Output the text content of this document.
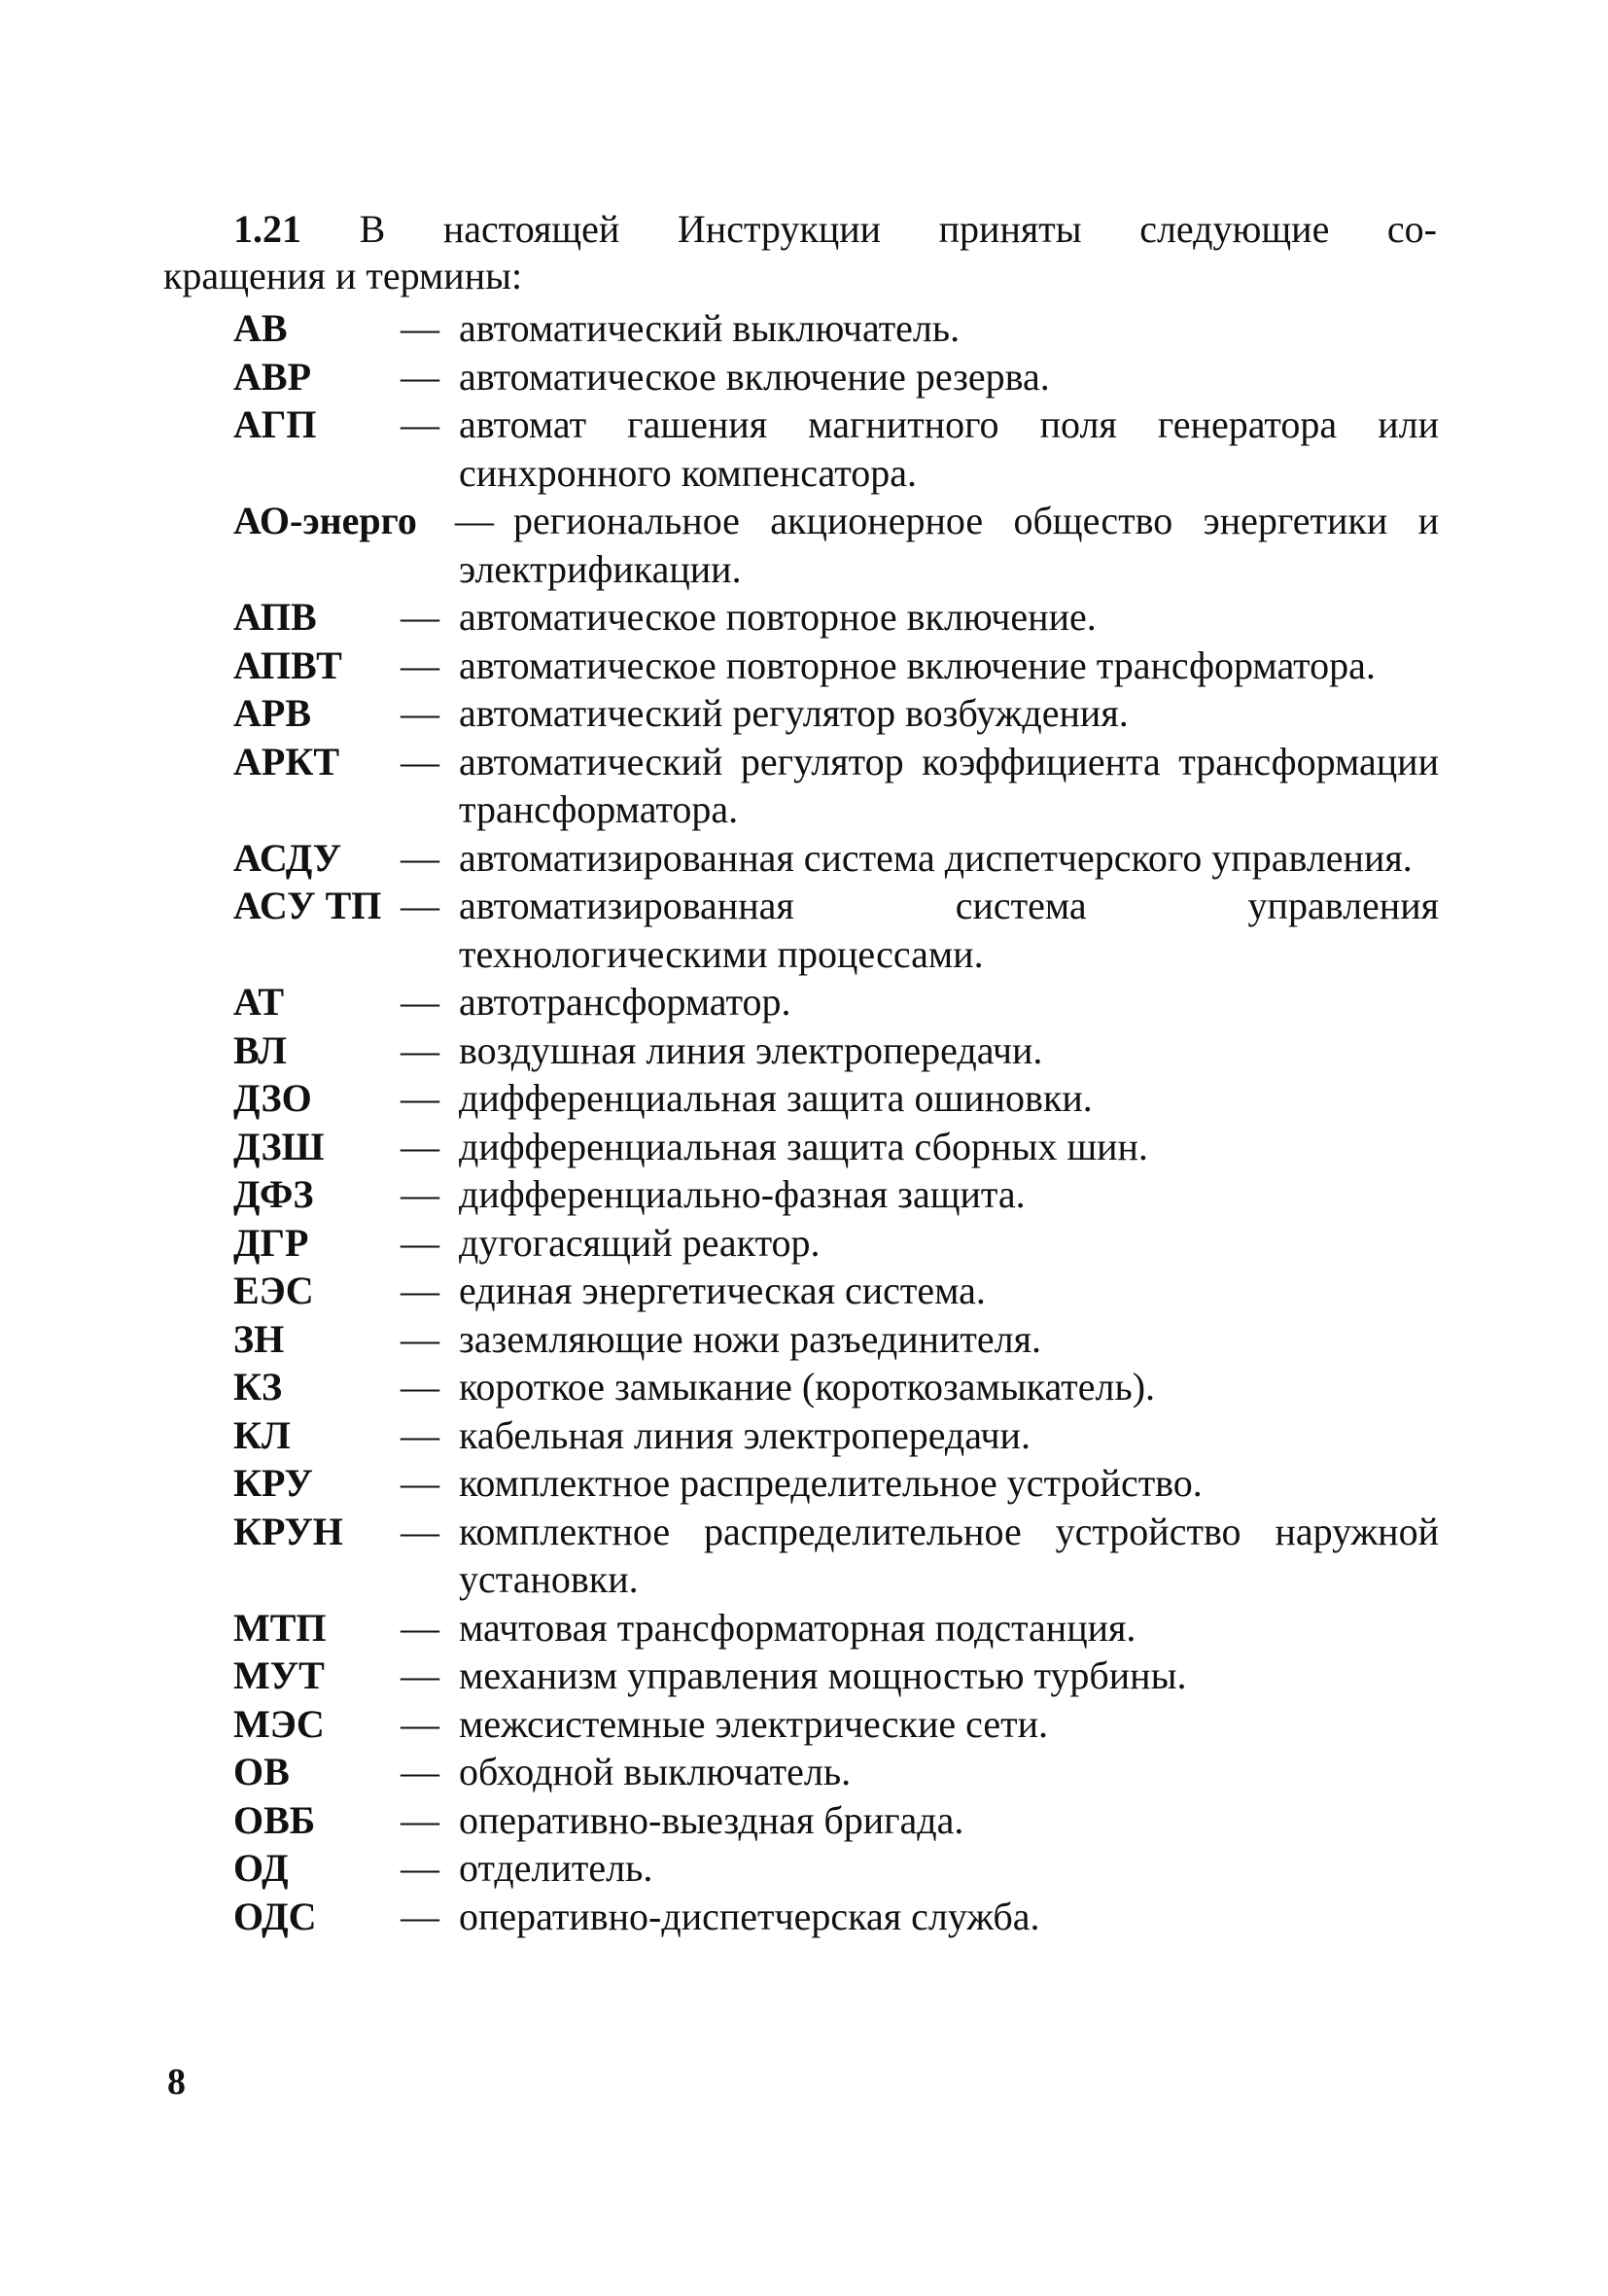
1.21 В настоящей Инструкции приняты следующие со-
кращения и термины:

АВ	— автоматический выключатель.
АВР — автоматическое включение резерва.
АГП — автомат гашения магнитного поля генератора или синхронного компенсатора.
АО-энерго — региональное акционерное общество энергетики и электрификации.
АПВ — автоматическое повторное включение.
АПВТ — автоматическое повторное включение трансформатора.
АРВ — автоматический регулятор возбуждения.
АРКТ — автоматический регулятор коэффициента трансформации трансформатора.
АСДУ — автоматизированная система диспетчерского управления.
АСУ ТП — автоматизированная система управления технологическими процессами.
АТ	— автотрансформатор.
ВЛ	— воздушная линия электропередачи.
ДЗО — дифференциальная защита ошиновки.
ДЗШ — дифференциальная защита сборных шин.
ДФЗ — дифференциально-фазная защита.
ДГР — дугогасящий реактор.
ЕЭС — единая энергетическая система.
ЗН	— заземляющие ножи разъединителя.
КЗ	— короткое замыкание (короткозамыкатель).
КЛ	— кабельная линия электропередачи.
КРУ — комплектное распределительное устройство.
КРУН — комплектное распределительное устройство наружной установки.
МТП — мачтовая трансформаторная подстанция.
МУТ — механизм управления мощностью турбины.
МЭС — межсистемные электрические сети.
ОВ	— обходной выключатель.
ОВБ — оперативно-выездная бригада.
ОД	— отделитель.
ОДС — оперативно-диспетчерская служба.
8
